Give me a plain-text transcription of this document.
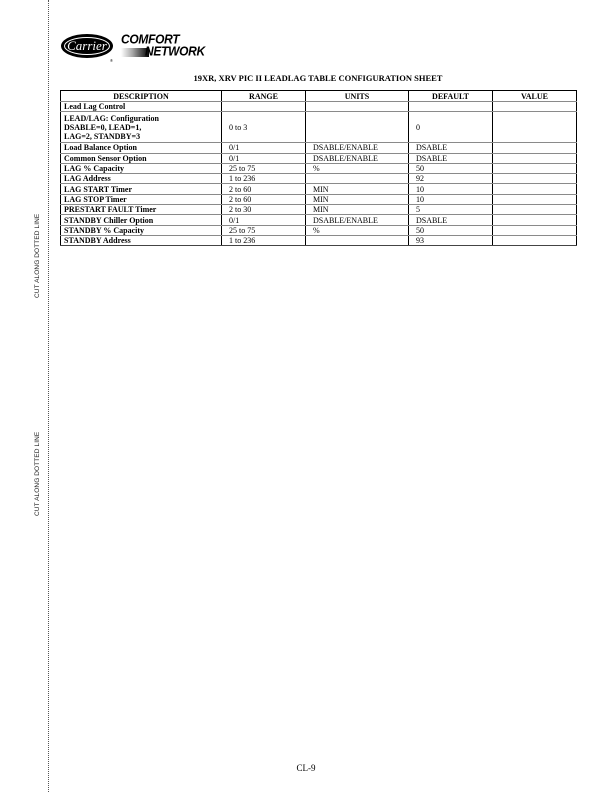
CUT ALONG DOTTED LINE
CUT ALONG DOTTED LINE
Carrier
®
COMFORT
NETWORK
19XR, XRV PIC II LEADLAG TABLE CONFIGURATION SHEET
DESCRIPTION	RANGE	UNITS	DEFAULT	VALUE
Lead Lag Control				

LEAD/LAG: Configuration
DSABLE=0, LEAD=1,
LAG=2, STANDBY=3	0 to 3		0	
Load Balance Option	0/1	DSABLE/ENABLE	DSABLE	
Common Sensor Option	0/1	DSABLE/ENABLE	DSABLE	
LAG % Capacity	25 to 75	%	50	
LAG Address	1 to 236		92	
LAG START Timer	2 to 60	MIN	10	
LAG STOP Timer	2 to 60	MIN	10	
PRESTART FAULT Timer	2 to 30	MIN	5	
STANDBY Chiller Option	0/1	DSABLE/ENABLE	DSABLE	
STANDBY % Capacity	25 to 75	%	50	
STANDBY Address	1 to 236		93	
CL-9
